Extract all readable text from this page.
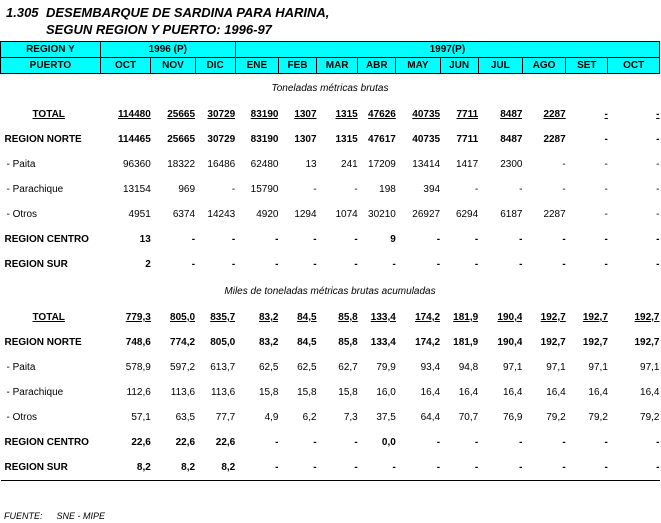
1.305 DESEMBARQUE DE SARDINA PARA HARINA,
SEGUN REGION Y PUERTO: 1996-97
REGION Y	1996 (P)			1997(P)									
PUERTO	OCT	NOV	DIC	ENE	FEB	MAR	ABR	MAY	JUN	JUL	AGO	SET	OCT
Toneladas métricas brutas													
TOTAL	114480	25665	30729	83190	1307	1315	47626	40735	7711	8487	2287	-	-
REGION NORTE	114465	25665	30729	83190	1307	1315	47617	40735	7711	8487	2287	-	-
- Paita	96360	18322	16486	62480	13	241	17209	13414	1417	2300	-	-	-
- Parachique	13154	969	-	15790	-	-	198	394	-	-	-	-	-
- Otros	4951	6374	14243	4920	1294	1074	30210	26927	6294	6187	2287	-	-
REGION CENTRO	13	-	-	-	-	-	9	-	-	-	-	-	-
REGION SUR	2	-	-	-	-	-	-	-	-	-	-	-	-
Miles de toneladas métricas brutas acumuladas													
TOTAL	779,3	805,0	835,7	83,2	84,5	85,8	133,4	174,2	181,9	190,4	192,7	192,7	192,7
REGION NORTE	748,6	774,2	805,0	83,2	84,5	85,8	133,4	174,2	181,9	190,4	192,7	192,7	192,7
- Paita	578,9	597,2	613,7	62,5	62,5	62,7	79,9	93,4	94,8	97,1	97,1	97,1	97,1
- Parachique	112,6	113,6	113,6	15,8	15,8	15,8	16,0	16,4	16,4	16,4	16,4	16,4	16,4
- Otros	57,1	63,5	77,7	4,9	6,2	7,3	37,5	64,4	70,7	76,9	79,2	79,2	79,2
REGION CENTRO	22,6	22,6	22,6	-	-	-	0,0	-	-	-	-	-	-
REGION SUR	8,2	8,2	8,2	-	-	-	-	-	-	-	-	-	-
FUENTE: SNE - MIPE
